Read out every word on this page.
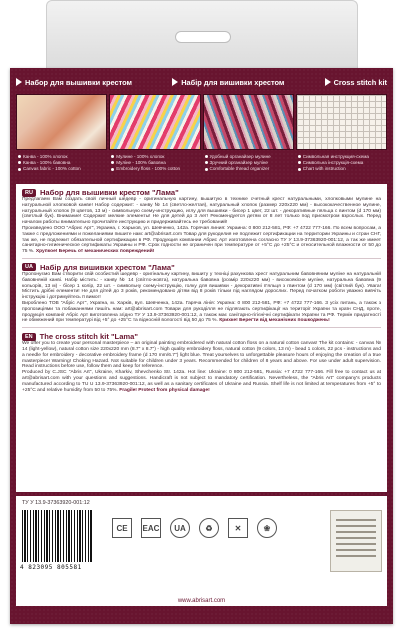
Набор для вышивки крестом	Набір для вишивки хрестом	Cross stitch kit
Канва - 100% хлопок
Канва - 100% бавовна
Canvas fabric - 100% cotton
Мулине - 100% хлопок
Муліне - 100% бавовна
Embroidery floss - 100% cotton
Удобный органайзер мулине
Зручний органайзер муліне
Comfortable thread organizer
Символьная инструкция-схема
Символьна інструкція-схема
Chart with instruction
RU Набор для вышивки крестом "Лама"

Предлагаем Вам создать свой личный шедевр - оригинальную картину, вышитую в технике счетный крест натуральными, хлопковыми мулине на натуральной хлопковой канве! Набор содержит: - канву № 14 (светло-желтая), натуральный хлопок (размер 220х220 мм) - высококачественное мулине, натуральный хлопок (9 цветов, 13 м) - символьную схему-инструкцию, иглу для вышивки - бисер 1 цвет, 22 шт. - декоративные пяльца с винтом (d 170 мм) (светлый бук). Внимание! Содержит мелкие элементы! Не для детей до 3 лет! Рекомендуется детям от 8 лет только под присмотром взрослых. Перед началом работы внимательно прочитайте инструкцию и придерживайтесь ее требований!

Произведено ООО "Абрис Арт", Украина, г. Харьков, ул. Шевченко, 142а. Горячая линия: Украина: 0 800 212-581, РФ: +7 4722 777-166. По всем вопросам, а также с предложениями и пожеланиями пишите нам: art@abrisart.com Товар для рукоделия не подлежит сертификации на территории Украины и стран СНГ, так же, не подлежит обязательной сертификации в РФ. Продукция компании Абрис Арт изготовлена согласно ТУ У 13.9-37363920-001:12, а так же имеет санитарно-гигиеническое сертификаты Украины и РФ. Срок годности не ограничен при температуре от +5°С до +25°С и относительной влажности от 50 до 75 %. Хрупкое! Беречь от механических повреждений!

UA Набір для вишивки хрестом "Лама"

Пропонуємо Вам створити свій особистий шедевр - оригінальну картину, вишиту у техніці рахункова хрест натуральним бавовняним муліне на натуральній бавовняній канві. Набір містить: - канву № 14 (світло-жовта), натуральна бавовна (розмір 220х220 мм) - високоякісне муліне, натуральна бавовна (9 кольорів, 13 м) - бісер 1 колір, 22 шт. - символьну схему-інструкцію, голку для вишивки - декоративні п'яльця з гвинтом (d 170 мм) (світлий бук). Увага! Містить дрібні елементи! Не для дітей до 3 років, рекомендовано дітям від 8 років тільки під наглядом дорослих. Перед початком роботи уважно вивчіть інструкцію і дотримуйтесь її вимог!

Вироблено ТОВ "Абріс Арт", Україна, м. Харків, вул. Шевченка, 142а. Гаряча лінія: Україна: 0 800 212-581, РФ: +7 4722 777-166. З усіх питань, а також з пропозиціями та побажаннями пишіть нам: art@abrisart.com Товари для рукоділля не підлягають сертифікації на території України та країн СНД, проте, продукція компанії Абріс Арт виготовлена згідно ТУ У 13.9-37363920-001:12, а також має санітарно-гігієнічні сертифікати України та РФ. Термін придатності не обмежений при температурі від +5° до +25°С та відносній вологості від 50 до 75 %. Крихке! Берегти від механічних пошкоджень!

EN The cross stitch kit "Lama"

We offer you to create your personal masterpiece – an original painting embroidered with natural cotton floss on a natural cotton canvas! The kit contains: - canvas № 14 (light-yellow), natural cotton size 220x220 mm (8.7" x 8.7") - high quality embroidery floss, natural cotton (9 colors, 13 m) - bead 1 colors, 22 pcs - instructions and a needle for embroidery - decorative embroidery frame (d 170 mm/6.7") light blue. Treat yourselves to unforgettable pleasure hours of enjoying the creation of a true masterpiece! Warning! Choking Hazard. Not suitable for children under 3 years. Recommended for children of 8 years and above. For use under adult supervision. Read instructions before use, follow them and keep for reference.

Produced by C.JSC "Abris Art", Ukraine, Kharkiv, Shevchenko Str. 142a. Hot line: Ukraine: 0 800 212-581, Russia: +7 4722 777-166. Fill free to contact us at art@abrisart.com with your questions and suggestions. Handicraft is not subject to mandatory certification. Nevertheless, the "Abris Art" company's products manufactured according to TU U 13.9-37363920-001:12, as well as a sanitary certificates of Ukraine and Russia. Shelf life is not limited at temperatures from +5° to +25°C and relative humidity from 50 to 75%. Fragile! Protect from physical damage!

ТУ У 13.9-37363920-001:12
4 823095 805581
CE	EAC	UA	♻	✕	❀
www.abrisart.com
